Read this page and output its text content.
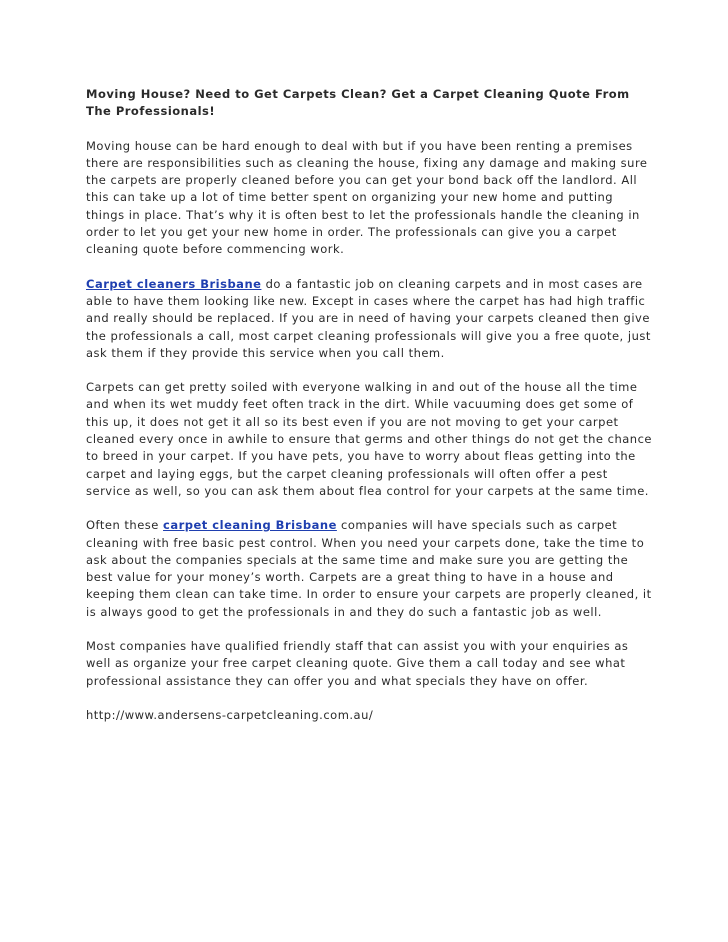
Moving House? Need to Get Carpets Clean? Get a Carpet Cleaning Quote From The Professionals!

Moving house can be hard enough to deal with but if you have been renting a premises there are responsibilities such as cleaning the house, fixing any damage and making sure the carpets are properly cleaned before you can get your bond back off the landlord. All this can take up a lot of time better spent on organizing your new home and putting things in place. That’s why it is often best to let the professionals handle the cleaning in order to let you get your new home in order. The professionals can give you a carpet cleaning quote before commencing work.

Carpet cleaners Brisbane do a fantastic job on cleaning carpets and in most cases are able to have them looking like new. Except in cases where the carpet has had high traffic and really should be replaced. If you are in need of having your carpets cleaned then give the professionals a call, most carpet cleaning professionals will give you a free quote, just ask them if they provide this service when you call them.

Carpets can get pretty soiled with everyone walking in and out of the house all the time and when its wet muddy feet often track in the dirt. While vacuuming does get some of this up, it does not get it all so its best even if you are not moving to get your carpet cleaned every once in awhile to ensure that germs and other things do not get the chance to breed in your carpet. If you have pets, you have to worry about fleas getting into the carpet and laying eggs, but the carpet cleaning professionals will often offer a pest service as well, so you can ask them about flea control for your carpets at the same time.

Often these carpet cleaning Brisbane companies will have specials such as carpet cleaning with free basic pest control. When you need your carpets done, take the time to ask about the companies specials at the same time and make sure you are getting the best value for your money’s worth. Carpets are a great thing to have in a house and keeping them clean can take time. In order to ensure your carpets are properly cleaned, it is always good to get the professionals in and they do such a fantastic job as well.

Most companies have qualified friendly staff that can assist you with your enquiries as well as organize your free carpet cleaning quote. Give them a call today and see what professional assistance they can offer you and what specials they have on offer.

http://www.andersens-carpetcleaning.com.au/
